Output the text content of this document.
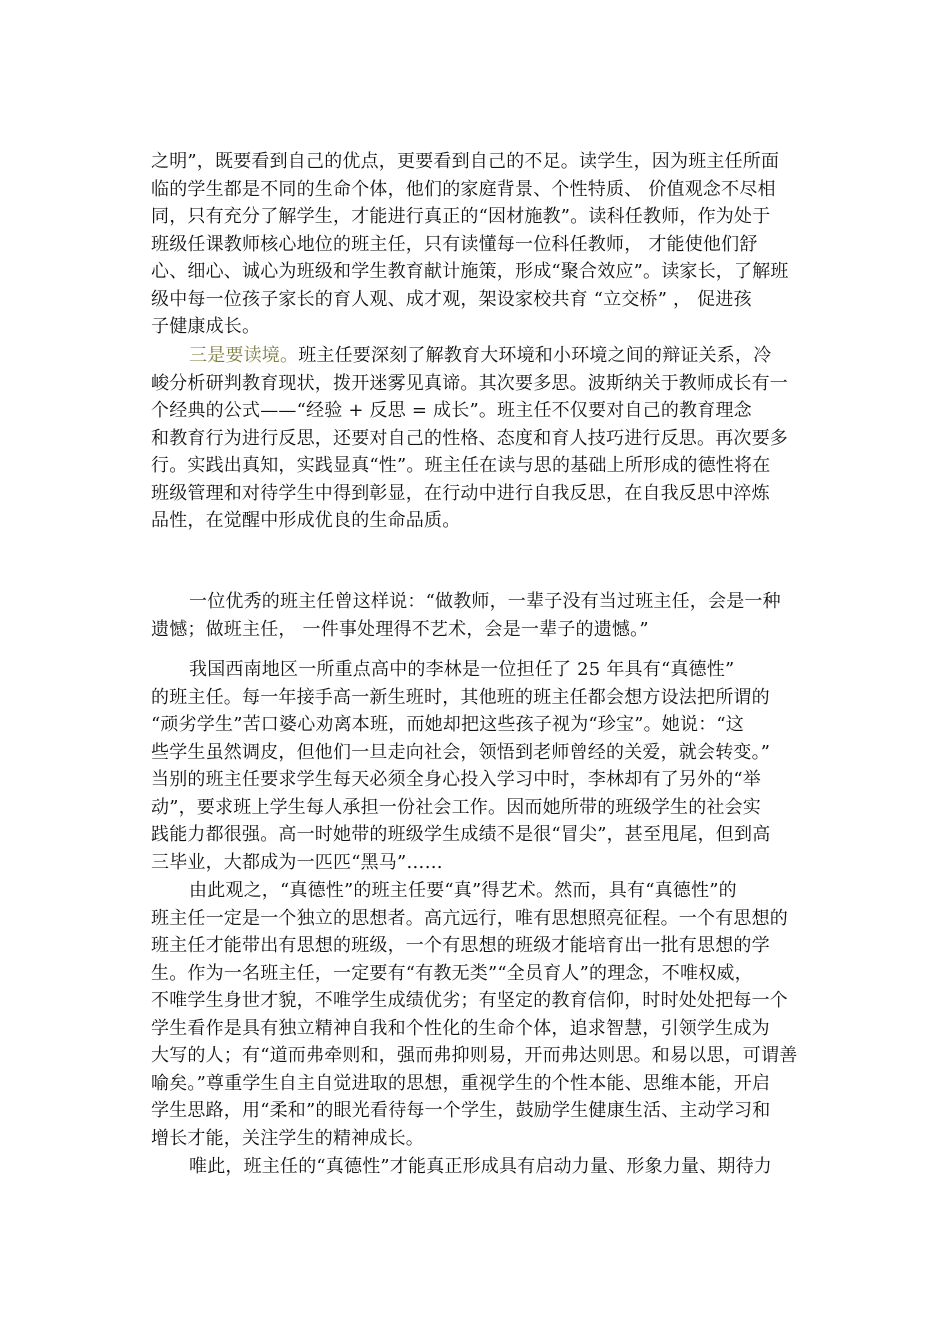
之明”，既要看到自己的优点，更要看到自己的不足。读学生，因为班主任所面
临的学生都是不同的生命个体，他们的家庭背景、个性特质、 价值观念不尽相
同，只有充分了解学生，才能进行真正的“因材施教”。读科任教师，作为处于
班级任课教师核心地位的班主任，只有读懂每一位科任教师， 才能使他们舒
心、细心、诚心为班级和学生教育献计施策，形成“聚合效应”。读家长，了解班
级中每一位孩子家长的育人观、成才观，架设家校共育 “立交桥” ， 促进孩
子健康成长。
三是要读境。班主任要深刻了解教育大环境和小环境之间的辩证关系，冷
峻分析研判教育现状，拨开迷雾见真谛。其次要多思。波斯纳关于教师成长有一
个经典的公式——“经验 + 反思 = 成长”。班主任不仅要对自己的教育理念
和教育行为进行反思，还要对自己的性格、态度和育人技巧进行反思。再次要多
行。实践出真知，实践显真“性”。班主任在读与思的基础上所形成的德性将在
班级管理和对待学生中得到彰显，在行动中进行自我反思，在自我反思中淬炼
品性，在觉醒中形成优良的生命品质。
一位优秀的班主任曾这样说：“做教师，一辈子没有当过班主任，会是一种
遗憾；做班主任， 一件事处理得不艺术，会是一辈子的遗憾。”
我国西南地区一所重点高中的李林是一位担任了 25 年具有“真德性”
的班主任。每一年接手高一新生班时，其他班的班主任都会想方设法把所谓的
“顽劣学生”苦口婆心劝离本班，而她却把这些孩子视为“珍宝”。她说：“这
些学生虽然调皮，但他们一旦走向社会，领悟到老师曾经的关爱，就会转变。”
当别的班主任要求学生每天必须全身心投入学习中时，李林却有了另外的“举
动”，要求班上学生每人承担一份社会工作。因而她所带的班级学生的社会实
践能力都很强。高一时她带的班级学生成绩不是很“冒尖”，甚至甩尾，但到高
三毕业，大都成为一匹匹“黑马”……
由此观之，“真德性”的班主任要“真”得艺术。然而，具有“真德性”的
班主任一定是一个独立的思想者。高亢远行，唯有思想照亮征程。一个有思想的
班主任才能带出有思想的班级，一个有思想的班级才能培育出一批有思想的学
生。作为一名班主任，一定要有“有教无类”“全员育人”的理念，不唯权威，
不唯学生身世才貌，不唯学生成绩优劣；有坚定的教育信仰，时时处处把每一个
学生看作是具有独立精神自我和个性化的生命个体，追求智慧，引领学生成为
大写的人；有“道而弗牵则和，强而弗抑则易，开而弗达则思。和易以思，可谓善
喻矣。”尊重学生自主自觉进取的思想，重视学生的个性本能、思维本能，开启
学生思路，用“柔和”的眼光看待每一个学生，鼓励学生健康生活、主动学习和
增长才能，关注学生的精神成长。
唯此，班主任的“真德性”才能真正形成具有启动力量、形象力量、期待力
